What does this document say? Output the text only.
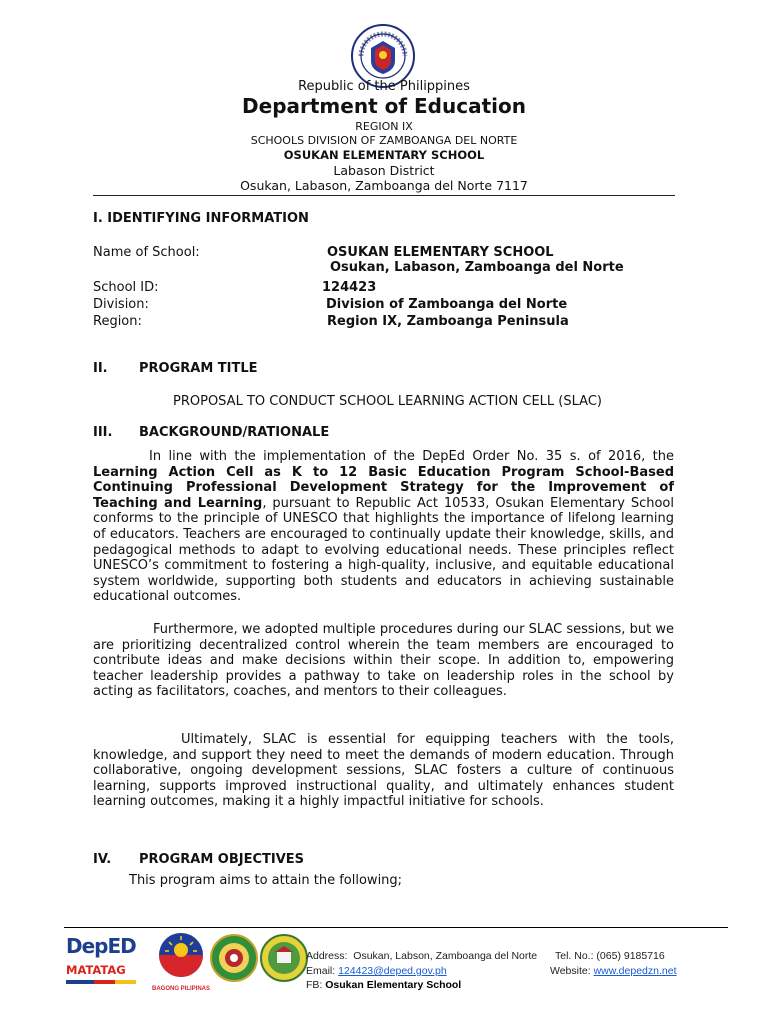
Republic of the Philippines
Department of Education
REGION IX
SCHOOLS DIVISION OF ZAMBOANGA DEL NORTE
OSUKAN ELEMENTARY SCHOOL
Labason District
Osukan, Labason, Zamboanga del Norte 7117
I. IDENTIFYING INFORMATION
Name of School:	OSUKAN ELEMENTARY SCHOOL
Osukan, Labason, Zamboanga del Norte
School ID:	124423
Division:	Division of Zamboanga del Norte
Region:	Region IX, Zamboanga Peninsula
II. PROGRAM TITLE
PROPOSAL TO CONDUCT SCHOOL LEARNING ACTION CELL (SLAC)
III. BACKGROUND/RATIONALE

In line with the implementation of the DepEd Order No. 35 s. of 2016, the Learning Action Cell as K to 12 Basic Education Program School-Based Continuing Professional Development Strategy for the Improvement of Teaching and Learning, pursuant to Republic Act 10533, Osukan Elementary School conforms to the principle of UNESCO that highlights the importance of lifelong learning of educators. Teachers are encouraged to continually update their knowledge, skills, and pedagogical methods to adapt to evolving educational needs. These principles reflect UNESCO’s commitment to fostering a high-quality, inclusive, and equitable educational system worldwide, supporting both students and educators in achieving sustainable educational outcomes.

Furthermore, we adopted multiple procedures during our SLAC sessions, but we are prioritizing decentralized control wherein the team members are encouraged to contribute ideas and make decisions within their scope. In addition to, empowering teacher leadership provides a pathway to take on leadership roles in the school by acting as facilitators, coaches, and mentors to their colleagues.

Ultimately, SLAC is essential for equipping teachers with the tools, knowledge, and support they need to meet the demands of modern education. Through collaborative, ongoing development sessions, SLAC fosters a culture of continuous learning, supports improved instructional quality, and ultimately enhances student learning outcomes, making it a highly impactful initiative for schools.

IV. PROGRAM OBJECTIVES
This program aims to attain the following;
DepED
MATATAG
BAGONG PILIPINAS
Address: Osukan, Labson, Zamboanga del Norte Tel. No.: (065) 9185716
Email: 124423@deped.gov.ph	Website: www.depedzn.net
FB: Osukan Elementary School
